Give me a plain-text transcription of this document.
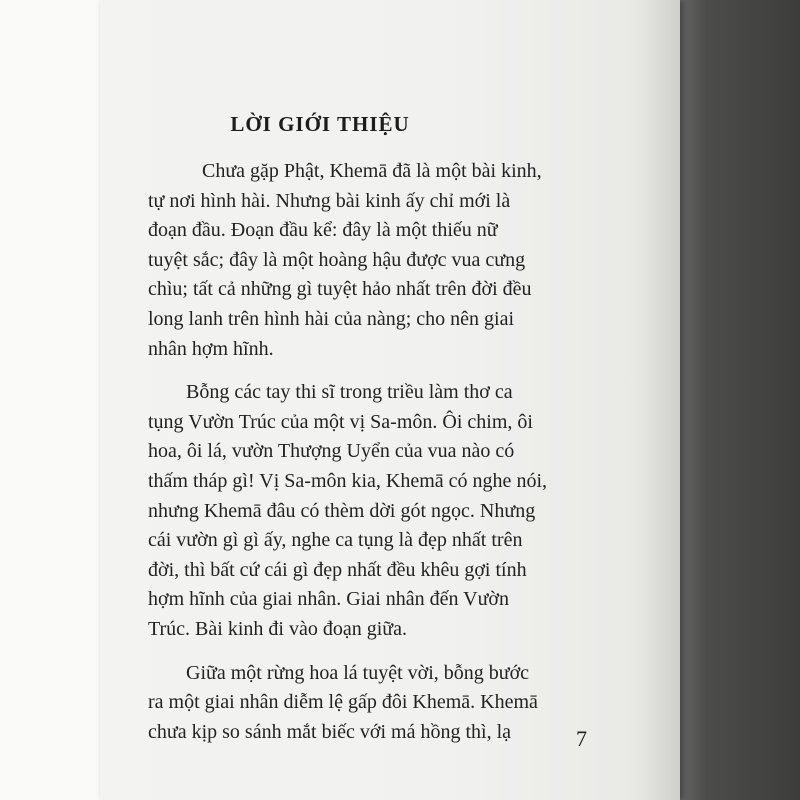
LỜI GIỚI THIỆU
Chưa gặp Phật, Khemā đã là một bài kinh,
tự nơi hình hài. Nhưng bài kinh ấy chỉ mới là
đoạn đầu. Đoạn đầu kể: đây là một thiếu nữ
tuyệt sắc; đây là một hoàng hậu được vua cưng
chìu; tất cả những gì tuyệt hảo nhất trên đời đều
long lanh trên hình hài của nàng; cho nên giai
nhân hợm hĩnh.
Bỗng các tay thi sĩ trong triều làm thơ ca
tụng Vườn Trúc của một vị Sa-môn. Ôi chim, ôi
hoa, ôi lá, vườn Thượng Uyển của vua nào có
thấm tháp gì! Vị Sa-môn kia, Khemā có nghe nói,
nhưng Khemā đâu có thèm dời gót ngọc. Nhưng
cái vườn gì gì ấy, nghe ca tụng là đẹp nhất trên
đời, thì bất cứ cái gì đẹp nhất đều khêu gợi tính
hợm hĩnh của giai nhân. Giai nhân đến Vườn
Trúc. Bài kinh đi vào đoạn giữa.
Giữa một rừng hoa lá tuyệt vời, bỗng bước
ra một giai nhân diễm lệ gấp đôi Khemā. Khemā
chưa kịp so sánh mắt biếc với má hồng thì, lạ	7
